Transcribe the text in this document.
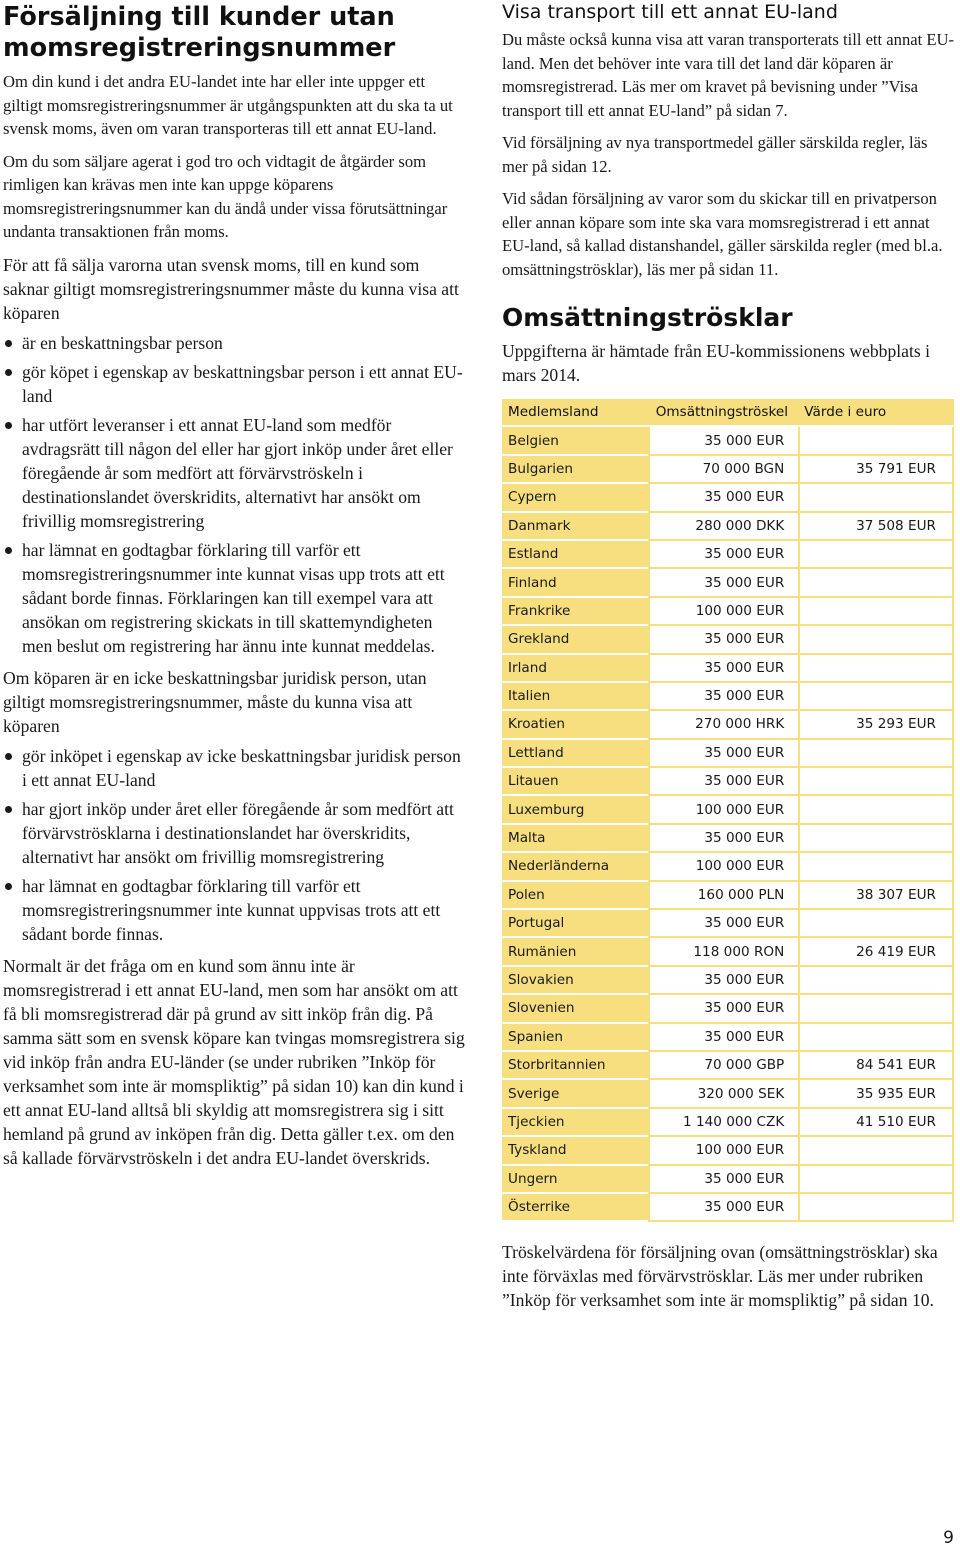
Försäljning till kunder utan momsregistreringsnummer

Om din kund i det andra EU-landet inte har eller inte uppger ett giltigt momsregistreringsnummer är utgångspunkten att du ska ta ut svensk moms, även om varan transporteras till ett annat EU-land.

Om du som säljare agerat i god tro och vidtagit de åtgärder som rimligen kan krävas men inte kan uppge köparens momsregistreringsnummer kan du ändå under vissa förutsättningar undanta transaktionen från moms.

För att få sälja varorna utan svensk moms, till en kund som saknar giltigt momsregistreringsnummer måste du kunna visa att köparen

är en beskattningsbar person
gör köpet i egenskap av beskattningsbar person i ett annat EU-land
har utfört leveranser i ett annat EU-land som medför avdragsrätt till någon del eller har gjort inköp under året eller föregående år som medfört att förvärvströskeln i destinationslandet överskridits, alternativt har ansökt om frivillig momsregistrering
har lämnat en godtagbar förklaring till varför ett momsregistreringsnummer inte kunnat visas upp trots att ett sådant borde finnas. Förklaringen kan till exempel vara att ansökan om registrering skickats in till skattemyndigheten men beslut om registrering har ännu inte kunnat meddelas.

Om köparen är en icke beskattningsbar juridisk person, utan giltigt momsregistreringsnummer, måste du kunna visa att köparen

gör inköpet i egenskap av icke beskattningsbar juridisk person i ett annat EU-land
har gjort inköp under året eller föregående år som medfört att förvärvströsklarna i destinationslandet har överskridits, alternativt har ansökt om frivillig momsregistrering
har lämnat en godtagbar förklaring till varför ett momsregistreringsnummer inte kunnat uppvisas trots att ett sådant borde finnas.

Normalt är det fråga om en kund som ännu inte är momsregistrerad i ett annat EU-land, men som har ansökt om att få bli momsregistrerad där på grund av sitt inköp från dig. På samma sätt som en svensk köpare kan tvingas momsregistrera sig vid inköp från andra EU-länder (se under rubriken ”Inköp för verksamhet som inte är momspliktig” på sidan 10) kan din kund i ett annat EU-land alltså bli skyldig att momsregistrera sig i sitt hemland på grund av inköpen från dig. Detta gäller t.ex. om den så kallade förvärvströskeln i det andra EU-landet överskrids.

Visa transport till ett annat EU-land

Du måste också kunna visa att varan transporterats till ett annat EU-land. Men det behöver inte vara till det land där köparen är momsregistrerad. Läs mer om kravet på bevisning under ”Visa transport till ett annat EU-land” på sidan 7.

Vid försäljning av nya transportmedel gäller särskilda regler, läs mer på sidan 12.

Vid sådan försäljning av varor som du skickar till en privatperson eller annan köpare som inte ska vara momsregistrerad i ett annat EU-land, så kallad distanshandel, gäller särskilda regler (med bl.a. omsättningströsklar), läs mer på sidan 11.

Omsättningströsklar

Uppgifterna är hämtade från EU-kommissionens webbplats i mars 2014.

Medlemsland	Omsättningströskel	Värde i euro
Belgien	35 000 EUR	
Bulgarien	70 000 BGN	35 791 EUR
Cypern	35 000 EUR	
Danmark	280 000 DKK	37 508 EUR
Estland	35 000 EUR	
Finland	35 000 EUR	
Frankrike	100 000 EUR	
Grekland	35 000 EUR	
Irland	35 000 EUR	
Italien	35 000 EUR	
Kroatien	270 000 HRK	35 293 EUR
Lettland	35 000 EUR	
Litauen	35 000 EUR	
Luxemburg	100 000 EUR	
Malta	35 000 EUR	
Nederländerna	100 000 EUR	
Polen	160 000 PLN	38 307 EUR
Portugal	35 000 EUR	
Rumänien	118 000 RON	26 419 EUR
Slovakien	35 000 EUR	
Slovenien	35 000 EUR	
Spanien	35 000 EUR	
Storbritannien	70 000 GBP	84 541 EUR
Sverige	320 000 SEK	35 935 EUR
Tjeckien	1 140 000 CZK	41 510 EUR
Tyskland	100 000 EUR	
Ungern	35 000 EUR	
Österrike	35 000 EUR	

Tröskelvärdena för försäljning ovan (omsättningströsklar) ska inte förväxlas med förvärvströsklar. Läs mer under rubriken ”Inköp för verksamhet som inte är momspliktig” på sidan 10.

9
